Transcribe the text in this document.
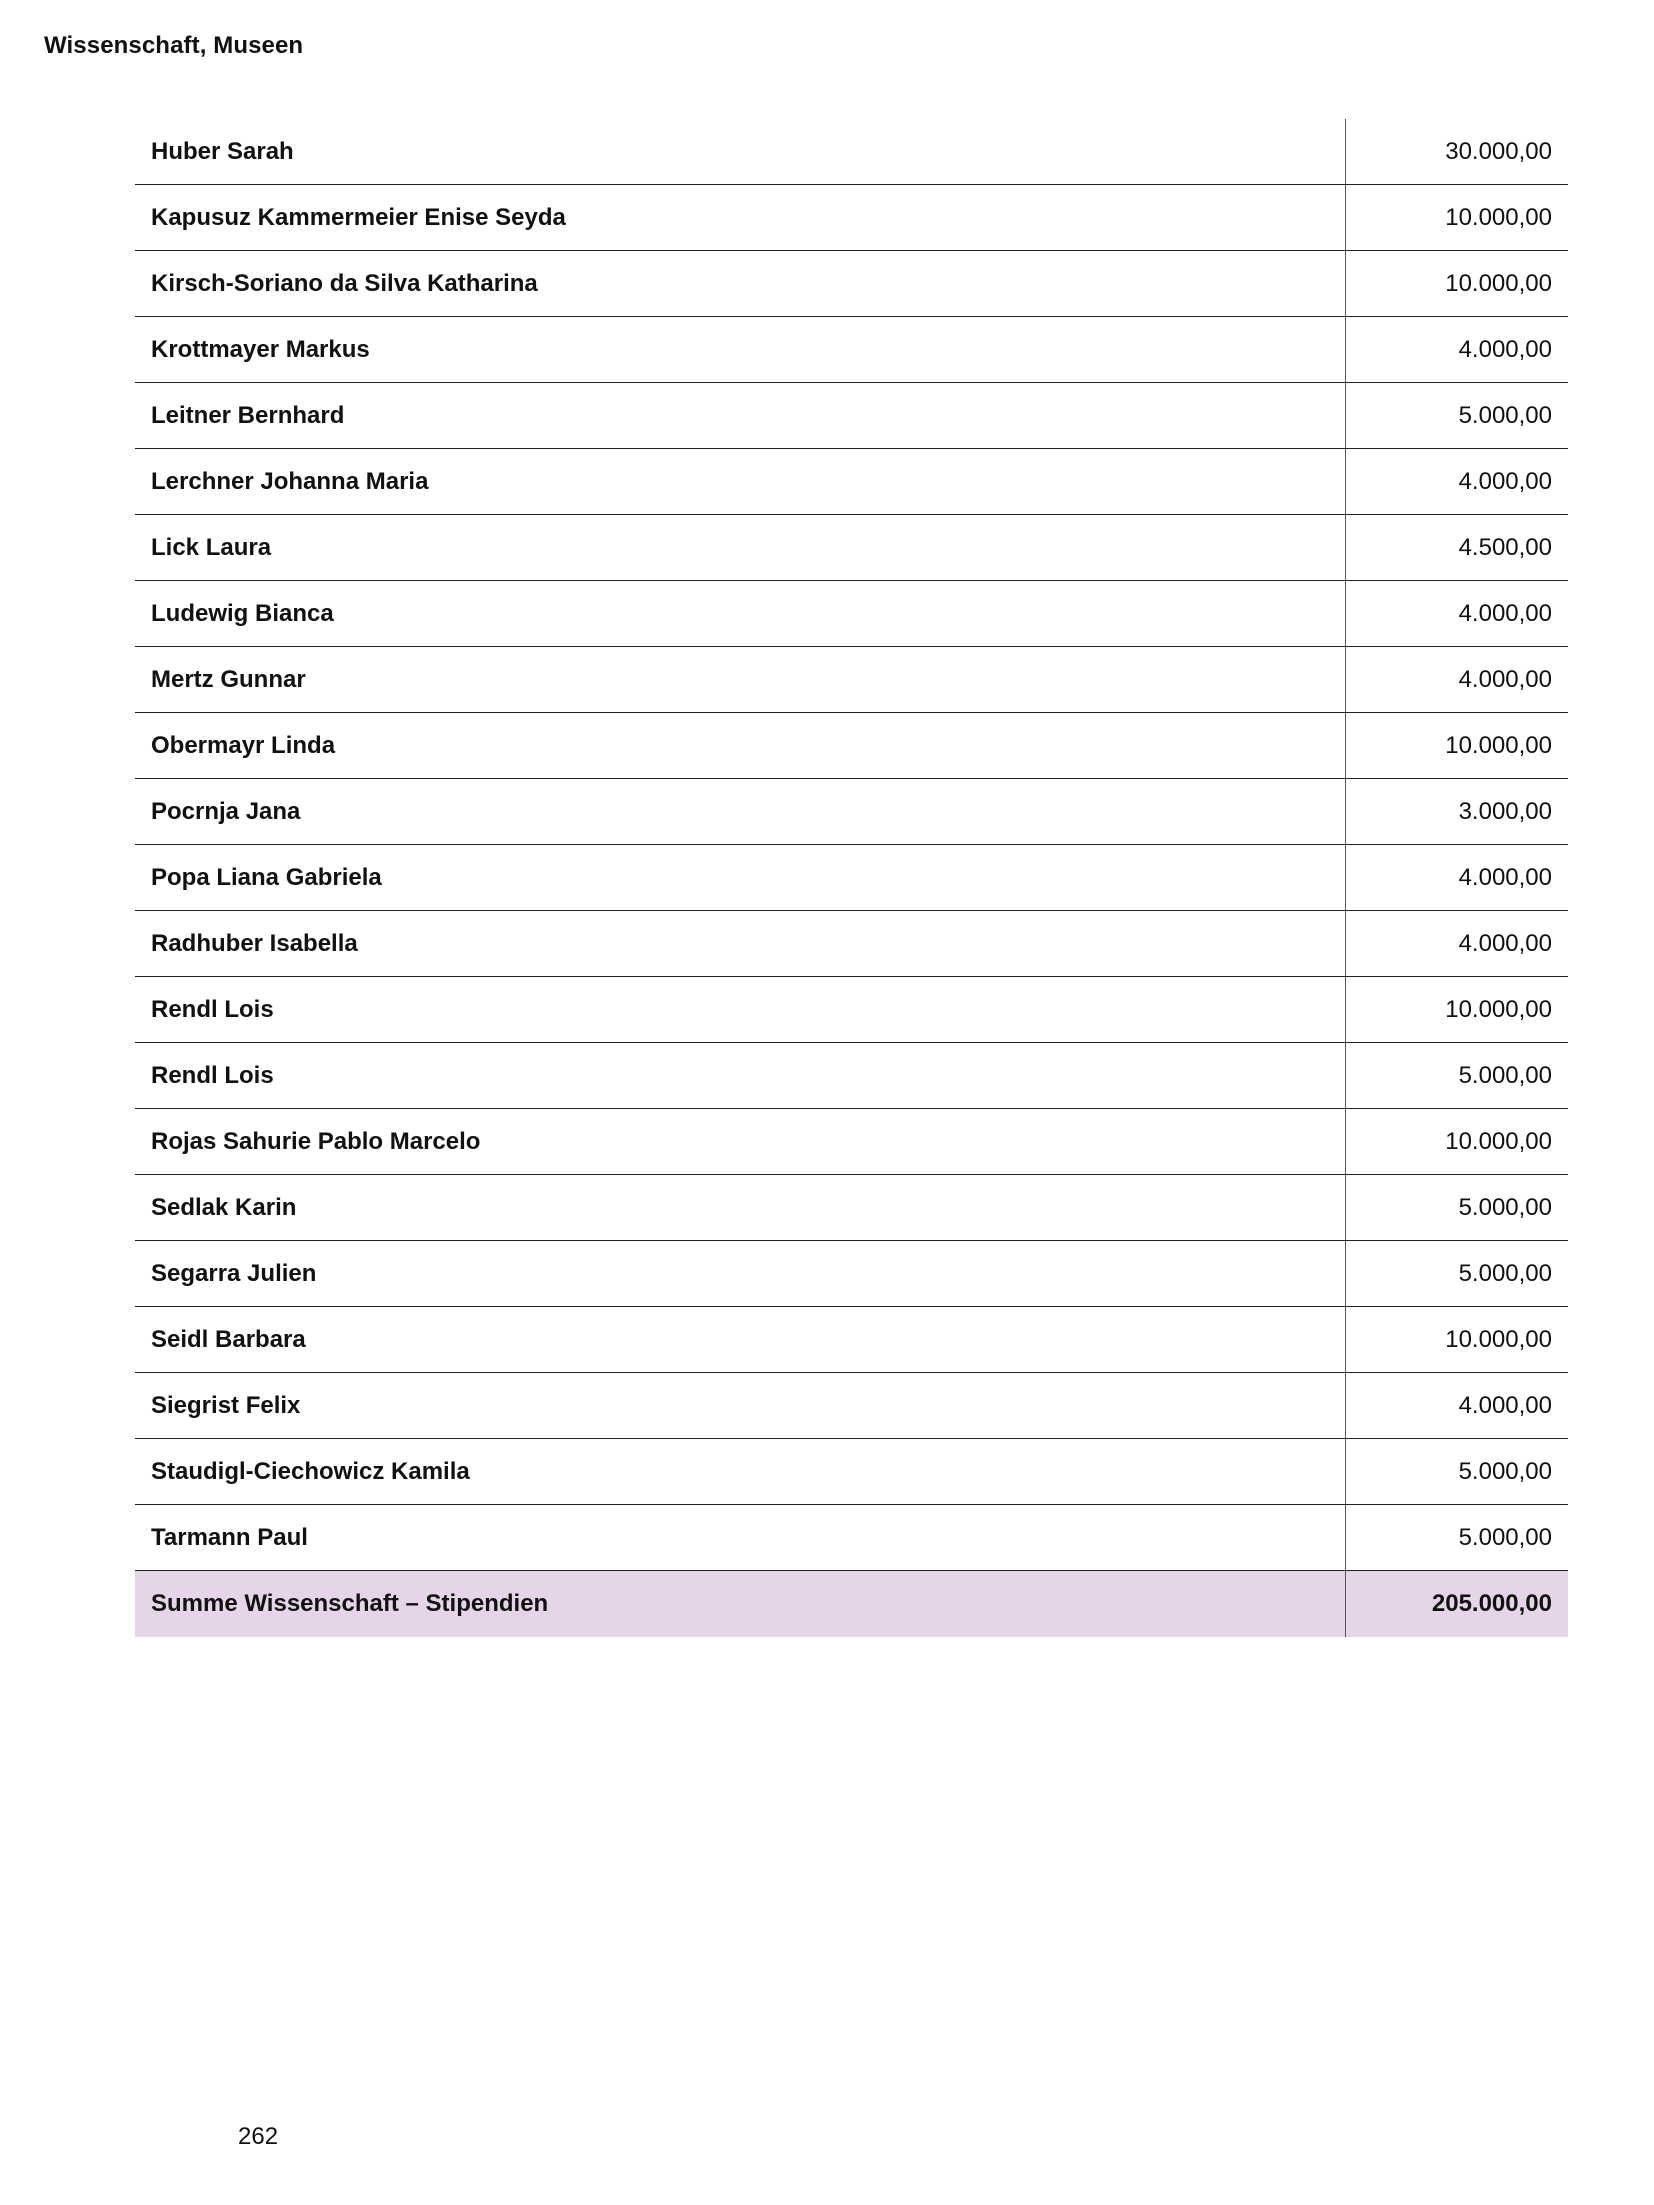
Wissenschaft, Museen
Huber Sarah	30.000,00
Kapusuz Kammermeier Enise Seyda	10.000,00
Kirsch-Soriano da Silva Katharina	10.000,00
Krottmayer Markus	4.000,00
Leitner Bernhard	5.000,00
Lerchner Johanna Maria	4.000,00
Lick Laura	4.500,00
Ludewig Bianca	4.000,00
Mertz Gunnar	4.000,00
Obermayr Linda	10.000,00
Pocrnja Jana	3.000,00
Popa Liana Gabriela	4.000,00
Radhuber Isabella	4.000,00
Rendl Lois	10.000,00
Rendl Lois	5.000,00
Rojas Sahurie Pablo Marcelo	10.000,00
Sedlak Karin	5.000,00
Segarra Julien	5.000,00
Seidl Barbara	10.000,00
Siegrist Felix	4.000,00
Staudigl-Ciechowicz Kamila	5.000,00
Tarmann Paul	5.000,00
Summe Wissenschaft – Stipendien	205.000,00
262
